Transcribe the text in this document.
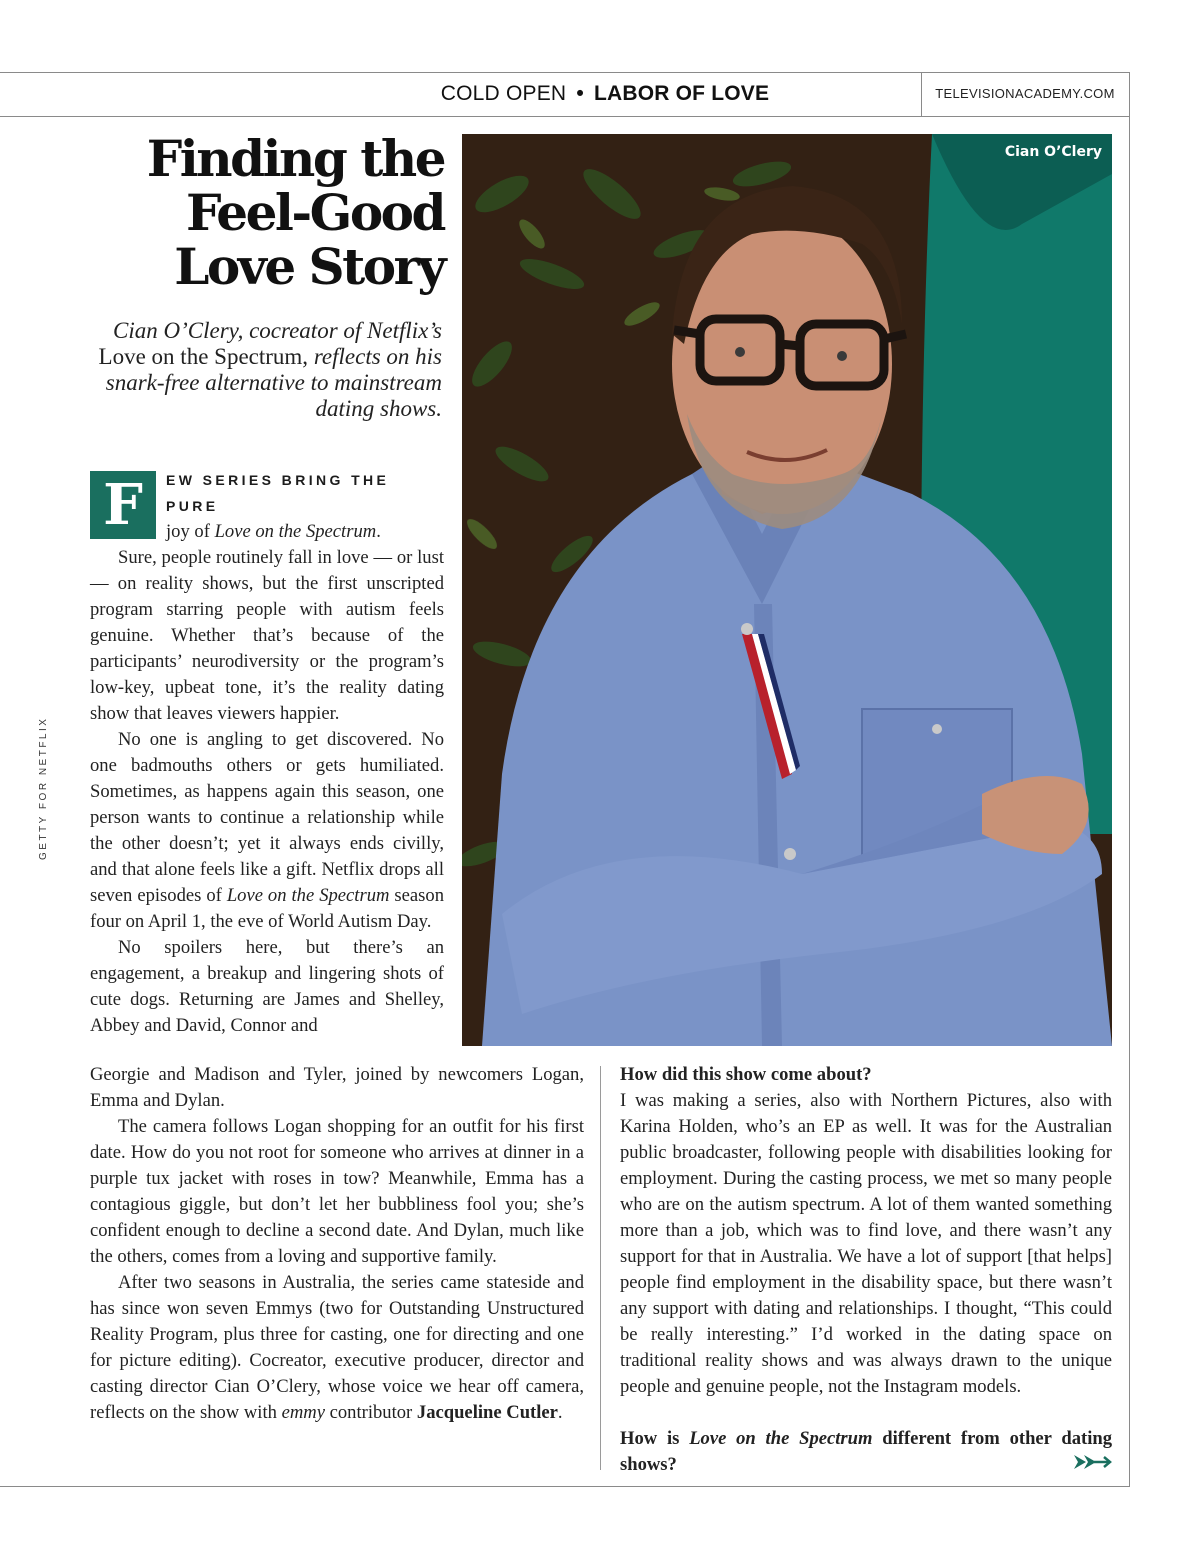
COLD OPEN • LABOR OF LOVE	TELEVISIONACADEMY.COM
Finding the
Feel-Good
Love Story
Cian O’Clery, cocreator of Netflix’s Love on the Spectrum, reflects on his snark-free alternative to mainstream dating shows.
GETTY FOR NETFLIX
Cian O’Clery
F	EW SERIES BRING THE PURE
joy of Love on the Spectrum.

Sure, people routinely fall in love — or lust — on reality shows, but the first unscripted program starring people with autism feels genuine. Whether that’s because of the participants’ neurodiversity or the program’s low-key, upbeat tone, it’s the reality dating show that leaves viewers happier.

No one is angling to get discovered. No one badmouths others or gets humiliated. Sometimes, as happens again this season, one person wants to continue a relationship while the other doesn’t; yet it always ends civilly, and that alone feels like a gift. Netflix drops all seven episodes of Love on the Spectrum season four on April 1, the eve of World Autism Day.

No spoilers here, but there’s an engagement, a breakup and lingering shots of cute dogs. Returning are James and Shelley, Abbey and David, Connor and

Georgie and Madison and Tyler, joined by newcomers Logan, Emma and Dylan.

The camera follows Logan shopping for an outfit for his first date. How do you not root for someone who arrives at dinner in a purple tux jacket with roses in tow? Meanwhile, Emma has a contagious giggle, but don’t let her bubbliness fool you; she’s confident enough to decline a second date. And Dylan, much like the others, comes from a loving and supportive family.

After two seasons in Australia, the series came stateside and has since won seven Emmys (two for Outstanding Unstructured Reality Program, plus three for casting, one for directing and one for picture editing). Cocreator, executive producer, director and casting director Cian O’Clery, whose voice we hear off camera, reflects on the show with emmy contributor Jacqueline Cutler.

How did this show come about?

I was making a series, also with Northern Pictures, also with Karina Holden, who’s an EP as well. It was for the Australian public broadcaster, following people with disabilities looking for employment. During the casting process, we met so many people who are on the autism spectrum. A lot of them wanted something more than a job, which was to find love, and there wasn’t any support for that in Australia. We have a lot of support [that helps] people find employment in the disability space, but there wasn’t any support with dating and relationships. I thought, “This could be really interesting.” I’d worked in the dating space on traditional reality shows and was always drawn to the unique people and genuine people, not the Instagram models.

How is Love on the Spectrum different from other dating shows?
